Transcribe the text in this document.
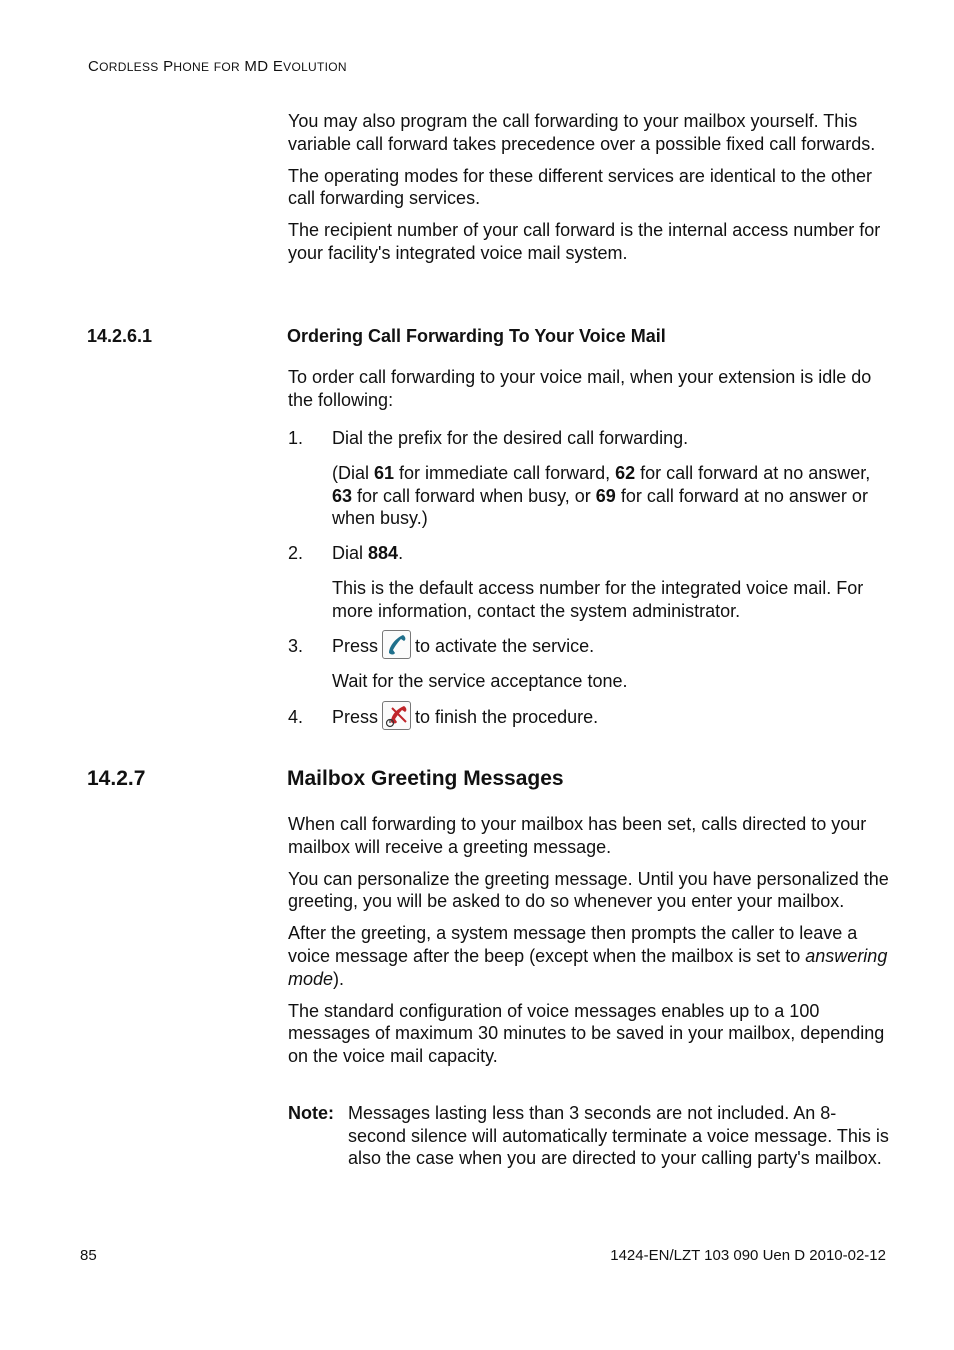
CORDLESS PHONE FOR MD EVOLUTION

You may also program the call forwarding to your mailbox yourself. This variable call forward takes precedence over a possible fixed call forwards.

The operating modes for these different services are identical to the other call forwarding services.

The recipient number of your call forward is the internal access number for your facility's integrated voice mail system.

14.2.6.1	Ordering Call Forwarding To Your Voice Mail

To order call forwarding to your voice mail, when your extension is idle do the following:

1.	Dial the prefix for the desired call forwarding.
(Dial 61 for immediate call forward, 62 for call forward at no answer, 63 for call forward when busy, or 69 for call forward at no answer or when busy.)
2.	Dial 884.
This is the default access number for the integrated voice mail. For more information, contact the system administrator.
3.	Press to activate the service.
Wait for the service acceptance tone.
4.	Press to finish the procedure.
14.2.7	Mailbox Greeting Messages

When call forwarding to your mailbox has been set, calls directed to your mailbox will receive a greeting message.

You can personalize the greeting message. Until you have personalized the greeting, you will be asked to do so whenever you enter your mailbox.

After the greeting, a system message then prompts the caller to leave a voice message after the beep (except when the mailbox is set to answering mode).

The standard configuration of voice messages enables up to a 100 messages of maximum 30 minutes to be saved in your mailbox, depending on the voice mail capacity.

Note: Messages lasting less than 3 seconds are not included. An 8-second silence will automatically terminate a voice message. This is also the case when you are directed to your calling party's mailbox.
85	1424-EN/LZT 103 090 Uen D 2010-02-12
